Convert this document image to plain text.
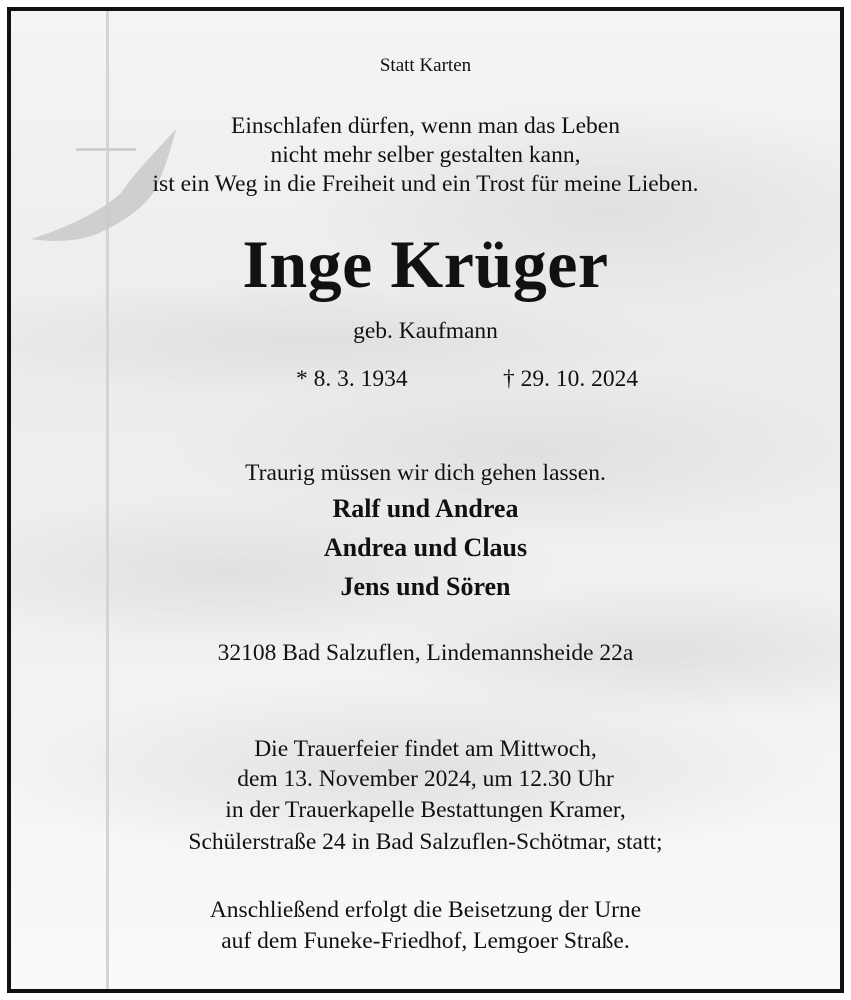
Statt Karten
Einschlafen dürfen, wenn man das Leben
nicht mehr selber gestalten kann,
ist ein Weg in die Freiheit und ein Trost für meine Lieben.
Inge Krüger
geb. Kaufmann
* 8. 3. 1934	† 29. 10. 2024
Traurig müssen wir dich gehen lassen.
Ralf und Andrea
Andrea und Claus
Jens und Sören
32108 Bad Salzuflen, Lindemannsheide 22a
Die Trauerfeier findet am Mittwoch,
dem 13. November 2024, um 12.30 Uhr
in der Trauerkapelle Bestattungen Kramer,
Schülerstraße 24 in Bad Salzuflen-Schötmar, statt;
Anschließend erfolgt die Beisetzung der Urne
auf dem Funeke-Friedhof, Lemgoer Straße.
